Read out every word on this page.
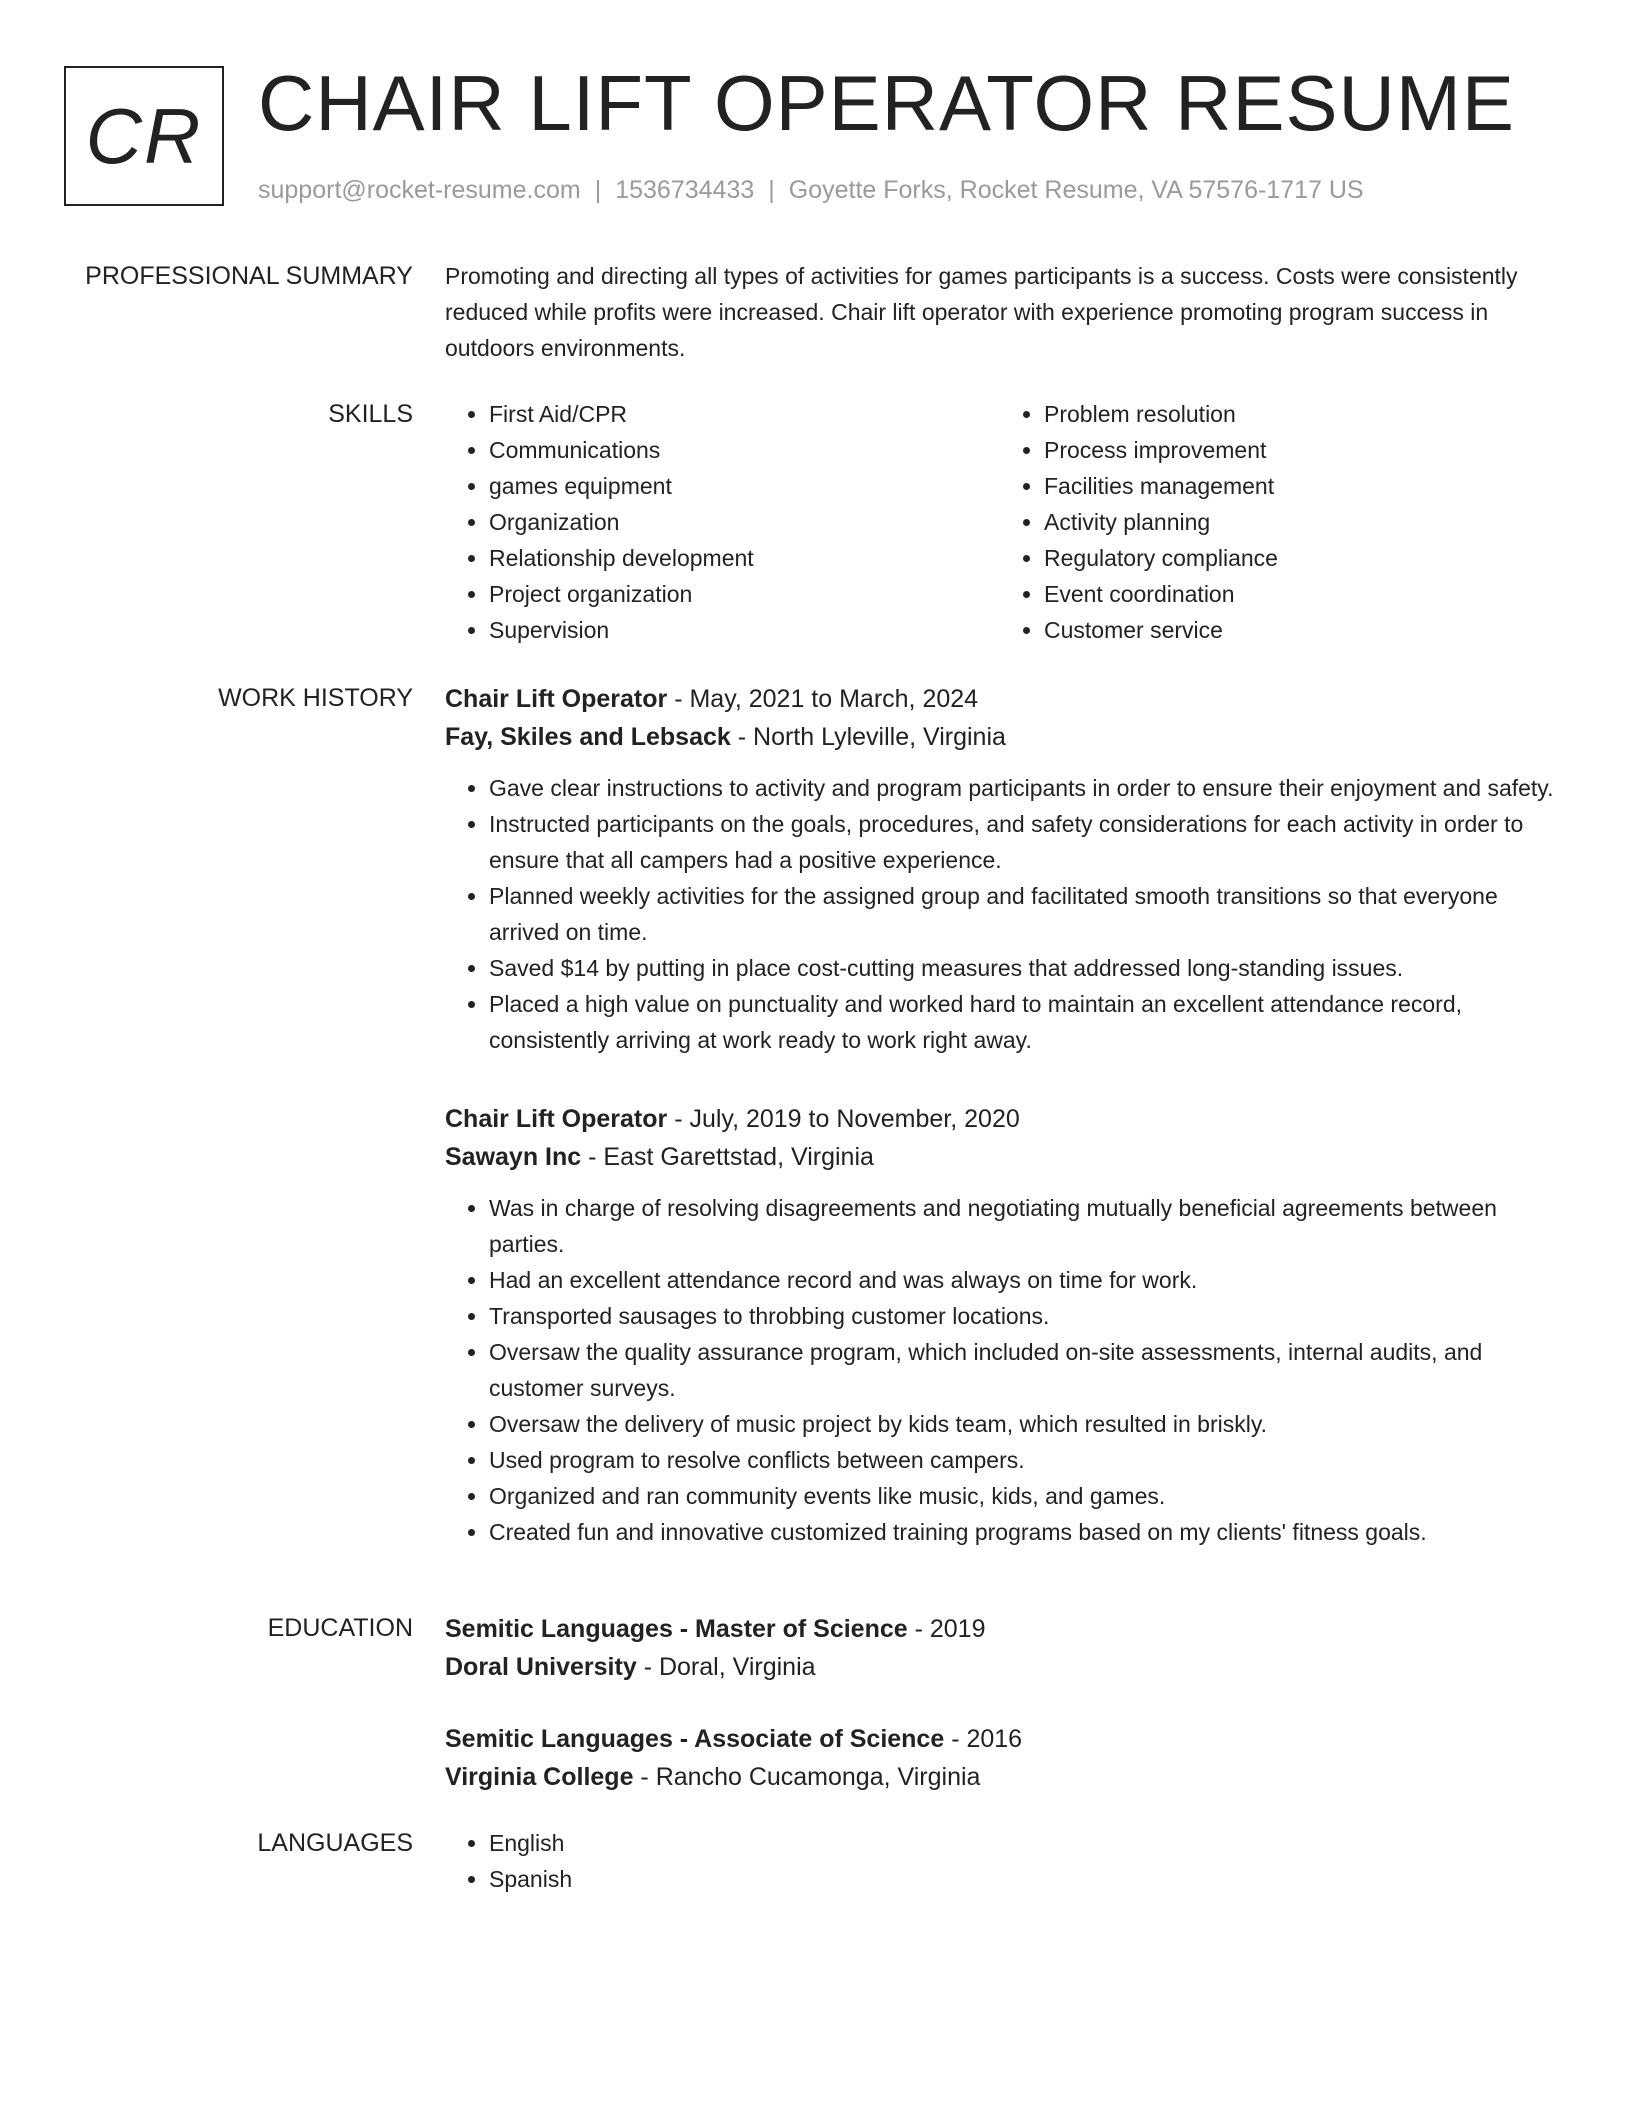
CR CHAIR LIFT OPERATOR RESUME
support@rocket-resume.com | 1536734433 | Goyette Forks, Rocket Resume, VA 57576-1717 US
PROFESSIONAL SUMMARY Promoting and directing all types of activities for games participants is a success. Costs were consistently reduced while profits were increased. Chair lift operator with experience promoting program success in outdoors environments.

SKILLS	• First Aid/CPR
• Communications
• games equipment
• Organization
• Relationship development
• Project organization
• Supervision
• Problem resolution
• Process improvement
• Facilities management
• Activity planning
• Regulatory compliance
• Event coordination
• Customer service
WORK HISTORY Chair Lift Operator - May, 2021 to March, 2024
Fay, Skiles and Lebsack - North Lyleville, Virginia
• Gave clear instructions to activity and program participants in order to ensure their enjoyment and safety.
• Instructed participants on the goals, procedures, and safety considerations for each activity in order to ensure that all campers had a positive experience.
• Planned weekly activities for the assigned group and facilitated smooth transitions so that everyone arrived on time.
• Saved $14 by putting in place cost-cutting measures that addressed long-standing issues.
• Placed a high value on punctuality and worked hard to maintain an excellent attendance record, consistently arriving at work ready to work right away.
Chair Lift Operator - July, 2019 to November, 2020
Sawayn Inc - East Garettstad, Virginia
• Was in charge of resolving disagreements and negotiating mutually beneficial agreements between parties.
• Had an excellent attendance record and was always on time for work.
• Transported sausages to throbbing customer locations.
• Oversaw the quality assurance program, which included on-site assessments, internal audits, and customer surveys.
• Oversaw the delivery of music project by kids team, which resulted in briskly.
• Used program to resolve conflicts between campers.
• Organized and ran community events like music, kids, and games.
• Created fun and innovative customized training programs based on my clients' fitness goals.
EDUCATION Semitic Languages - Master of Science - 2019
Doral University - Doral, Virginia
Semitic Languages - Associate of Science - 2016
Virginia College - Rancho Cucamonga, Virginia
LANGUAGES	• English
• Spanish
